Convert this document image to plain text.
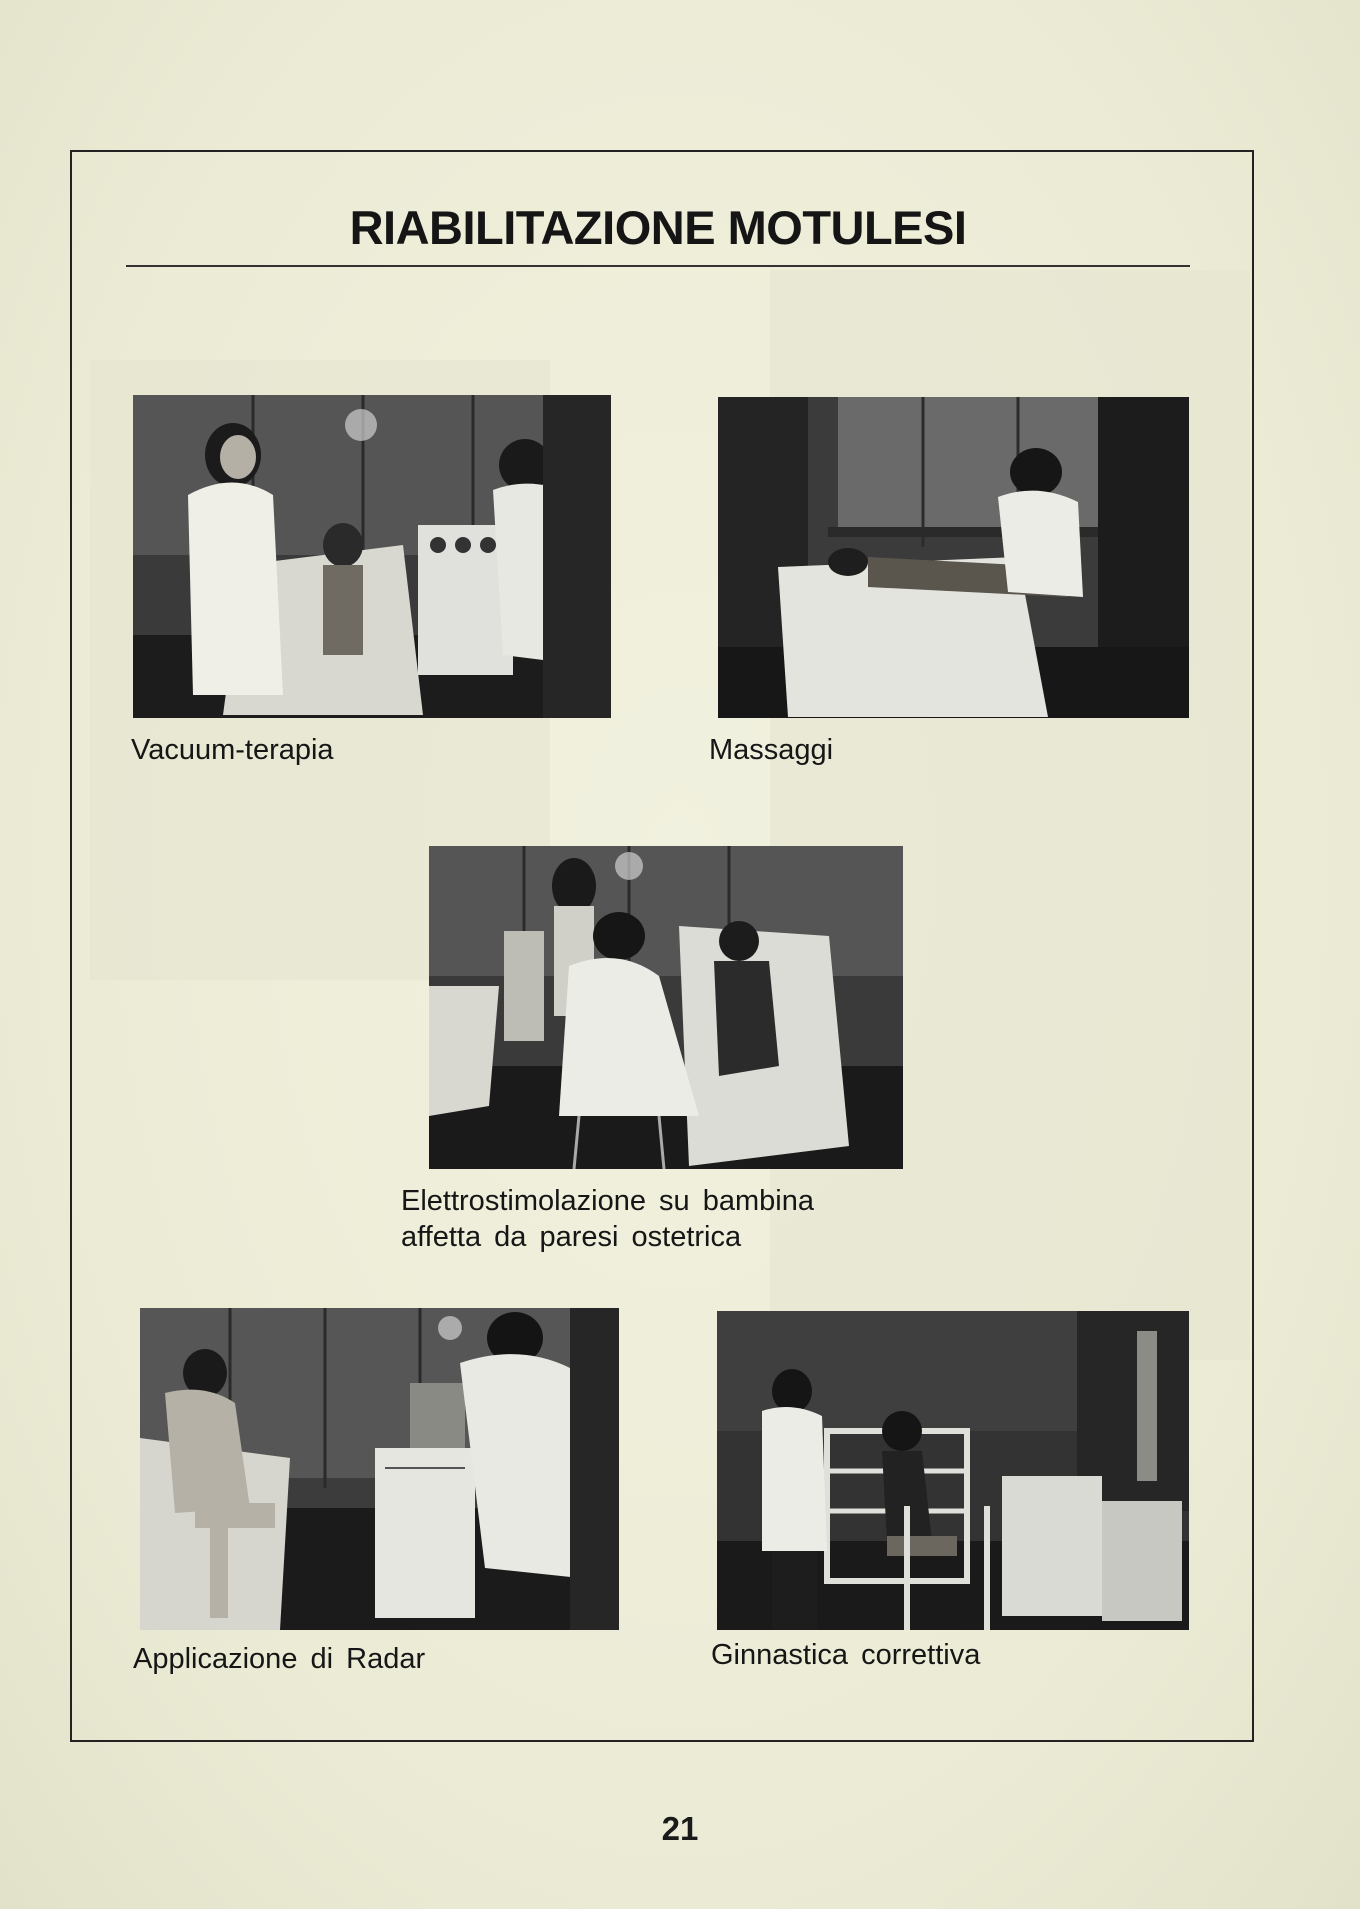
RIABILITAZIONE MOTULESI
Vacuum-terapia	Massaggi
Elettrostimolazione su bambina
affetta da paresi ostetrica
Applicazione di Radar	Ginnastica correttiva
21
